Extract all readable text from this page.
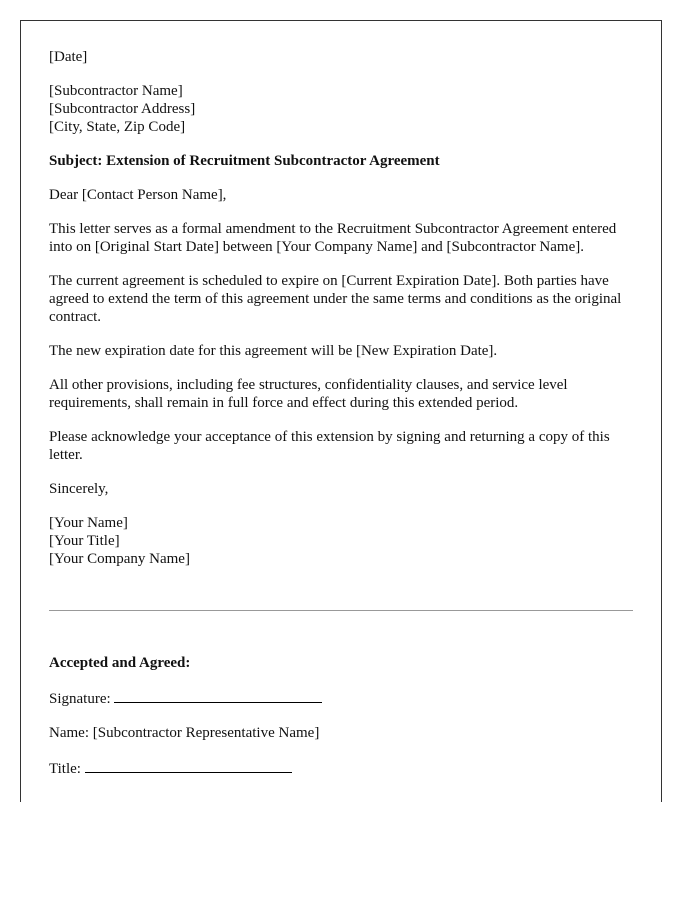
[Date]

[Subcontractor Name]
[Subcontractor Address]
[City, State, Zip Code]

Subject: Extension of Recruitment Subcontractor Agreement

Dear [Contact Person Name],

This letter serves as a formal amendment to the Recruitment Subcontractor Agreement entered into on [Original Start Date] between [Your Company Name] and [Subcontractor Name].

The current agreement is scheduled to expire on [Current Expiration Date]. Both parties have agreed to extend the term of this agreement under the same terms and conditions as the original contract.

The new expiration date for this agreement will be [New Expiration Date].

All other provisions, including fee structures, confidentiality clauses, and service level requirements, shall remain in full force and effect during this extended period.

Please acknowledge your acceptance of this extension by signing and returning a copy of this letter.

Sincerely,

[Your Name]
[Your Title]
[Your Company Name]

Accepted and Agreed:

Signature:

Name: [Subcontractor Representative Name]

Title:
